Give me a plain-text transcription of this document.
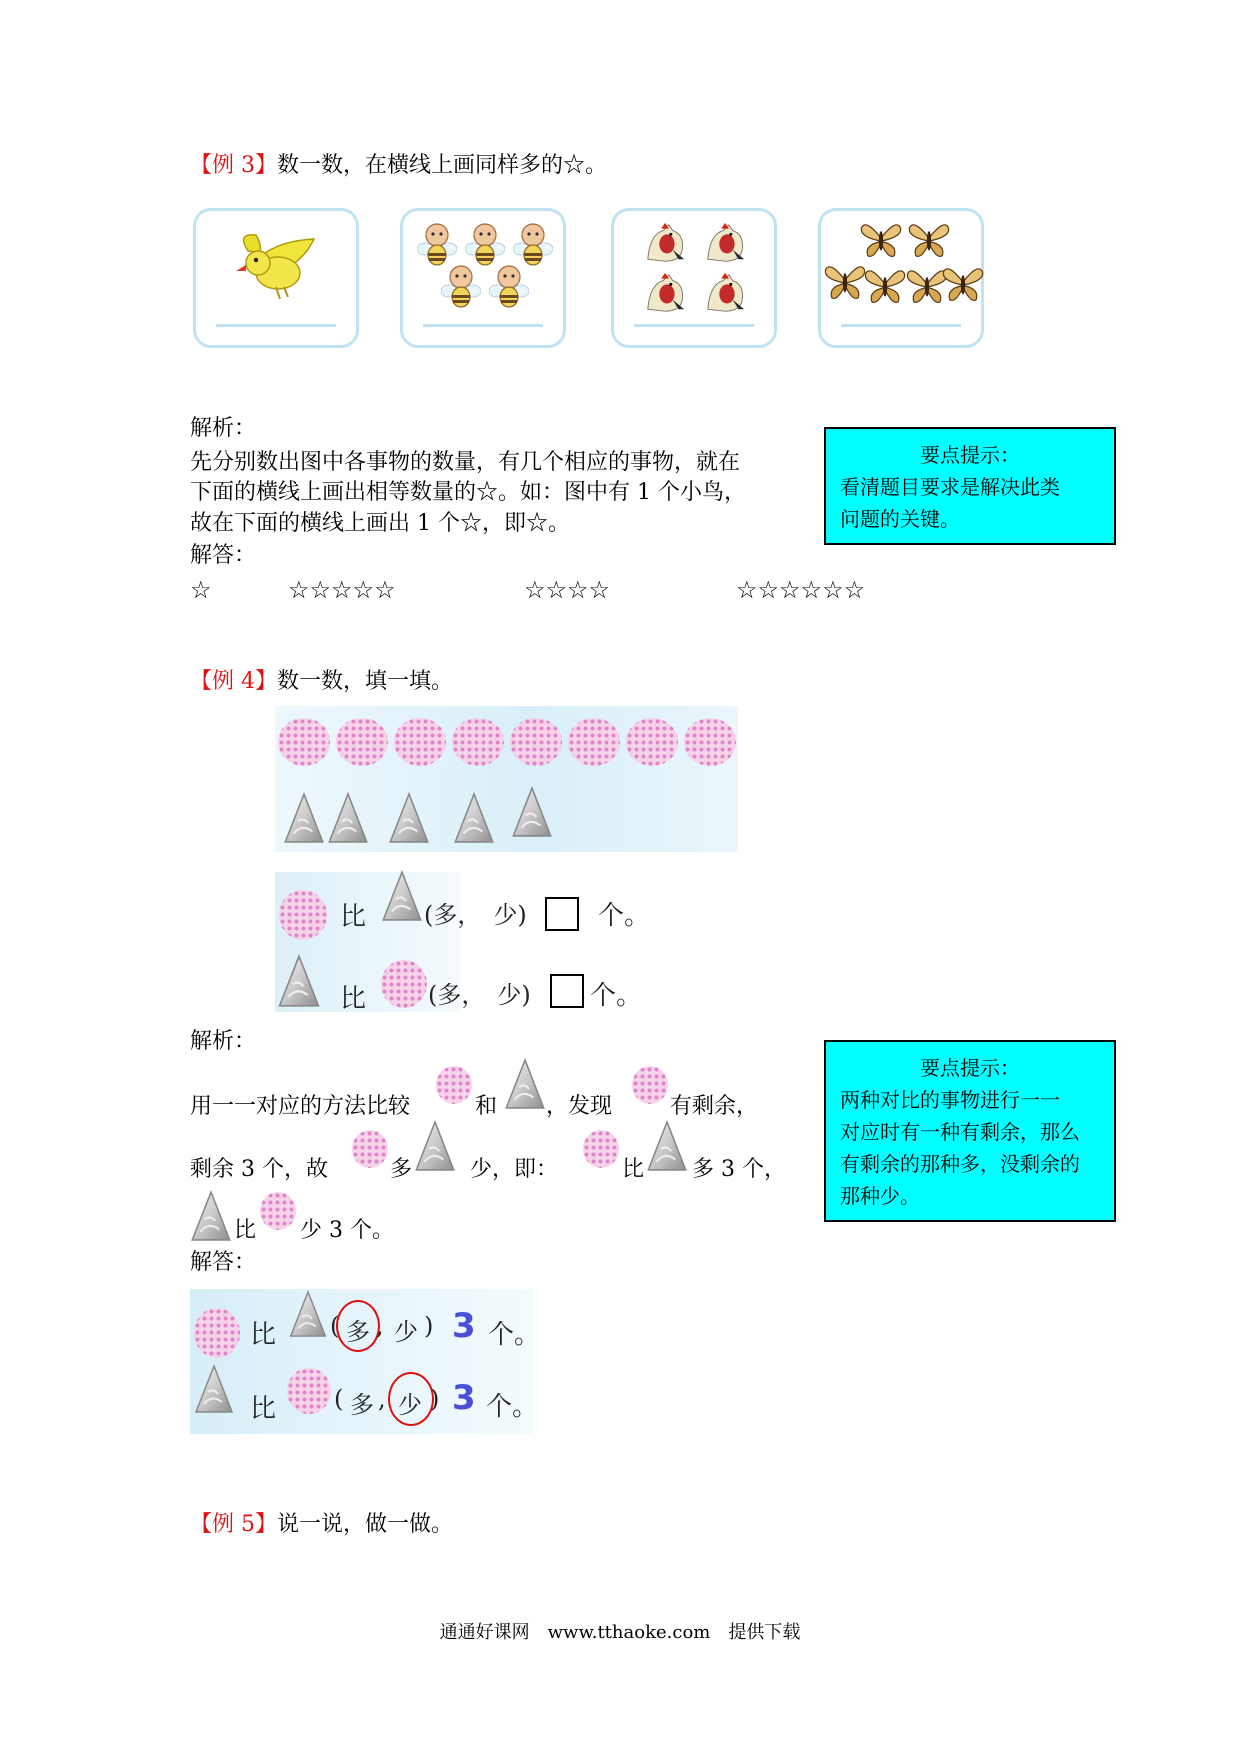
【例 3】数一数，在横线上画同样多的☆。
解析：
先分别数出图中各事物的数量，有几个相应的事物，就在
下面的横线上画出相等数量的☆。如：图中有 1 个小鸟，
故在下面的横线上画出 1 个☆，即☆。
解答：
☆	☆☆☆☆☆	☆☆☆☆	☆☆☆☆☆☆
要点提示：
看清题目要求是解决此类
问题的关键。
【例 4】数一数，填一填。
比 (多，　少)	个。
比	(多，　少) 个。
解析：
用一一对应的方法比较	和 ，发现	有剩余，
剩余 3 个，故	多	少，即：	比 多 3 个，
比 少 3 个。
解答：
比 ( 多 , 少 ) 3 个。
比 ( 多 , 少 ) 3 个。
要点提示：
两种对比的事物进行一一
对应时有一种有剩余，那么
有剩余的那种多，没剩余的
那种少。
【例 5】说一说，做一做。
通通好课网　www.tthaoke.com　提供下载
